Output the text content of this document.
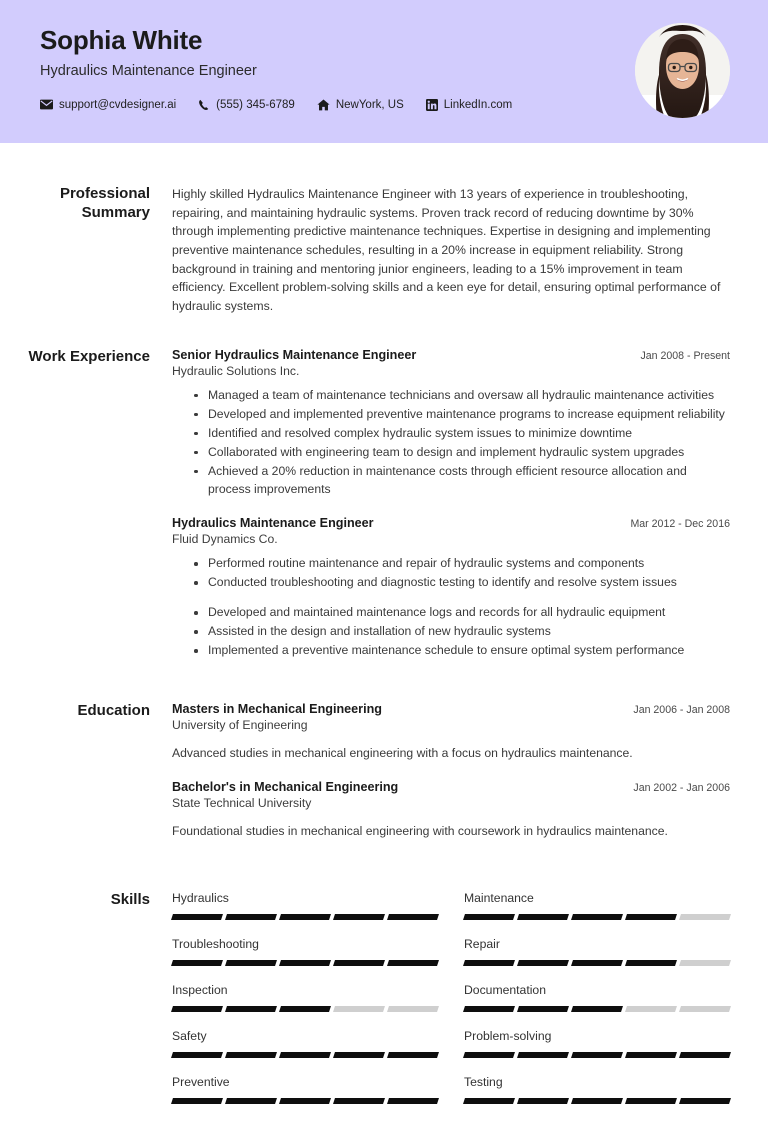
Sophia White
Hydraulics Maintenance Engineer
support@cvdesigner.ai	(555) 345-6789	NewYork, US	LinkedIn.com
Professional Summary
Highly skilled Hydraulics Maintenance Engineer with 13 years of experience in troubleshooting, repairing, and maintaining hydraulic systems. Proven track record of reducing downtime by 30% through implementing predictive maintenance techniques. Expertise in designing and implementing preventive maintenance schedules, resulting in a 20% increase in equipment reliability. Strong background in training and mentoring junior engineers, leading to a 15% improvement in team efficiency. Excellent problem-solving skills and a keen eye for detail, ensuring optimal performance of hydraulic systems.
Work Experience	Senior Hydraulics Maintenance Engineer	Jan 2008 - Present
Hydraulic Solutions Inc.
Managed a team of maintenance technicians and oversaw all hydraulic maintenance activities
Developed and implemented preventive maintenance programs to increase equipment reliability
Identified and resolved complex hydraulic system issues to minimize downtime
Collaborated with engineering team to design and implement hydraulic system upgrades
Achieved a 20% reduction in maintenance costs through efficient resource allocation and process improvements
Hydraulics Maintenance Engineer	Mar 2012 - Dec 2016
Fluid Dynamics Co.
Performed routine maintenance and repair of hydraulic systems and components
Conducted troubleshooting and diagnostic testing to identify and resolve system issues
Developed and maintained maintenance logs and records for all hydraulic equipment
Assisted in the design and installation of new hydraulic systems
Implemented a preventive maintenance schedule to ensure optimal system performance
Education	Masters in Mechanical Engineering	Jan 2006 - Jan 2008
University of Engineering
Advanced studies in mechanical engineering with a focus on hydraulics maintenance.
Bachelor's in Mechanical Engineering	Jan 2002 - Jan 2006
State Technical University
Foundational studies in mechanical engineering with coursework in hydraulics maintenance.
Skills	Hydraulics	Maintenance
Troubleshooting	Repair
Inspection	Documentation
Safety	Problem-solving
Preventive	Testing
